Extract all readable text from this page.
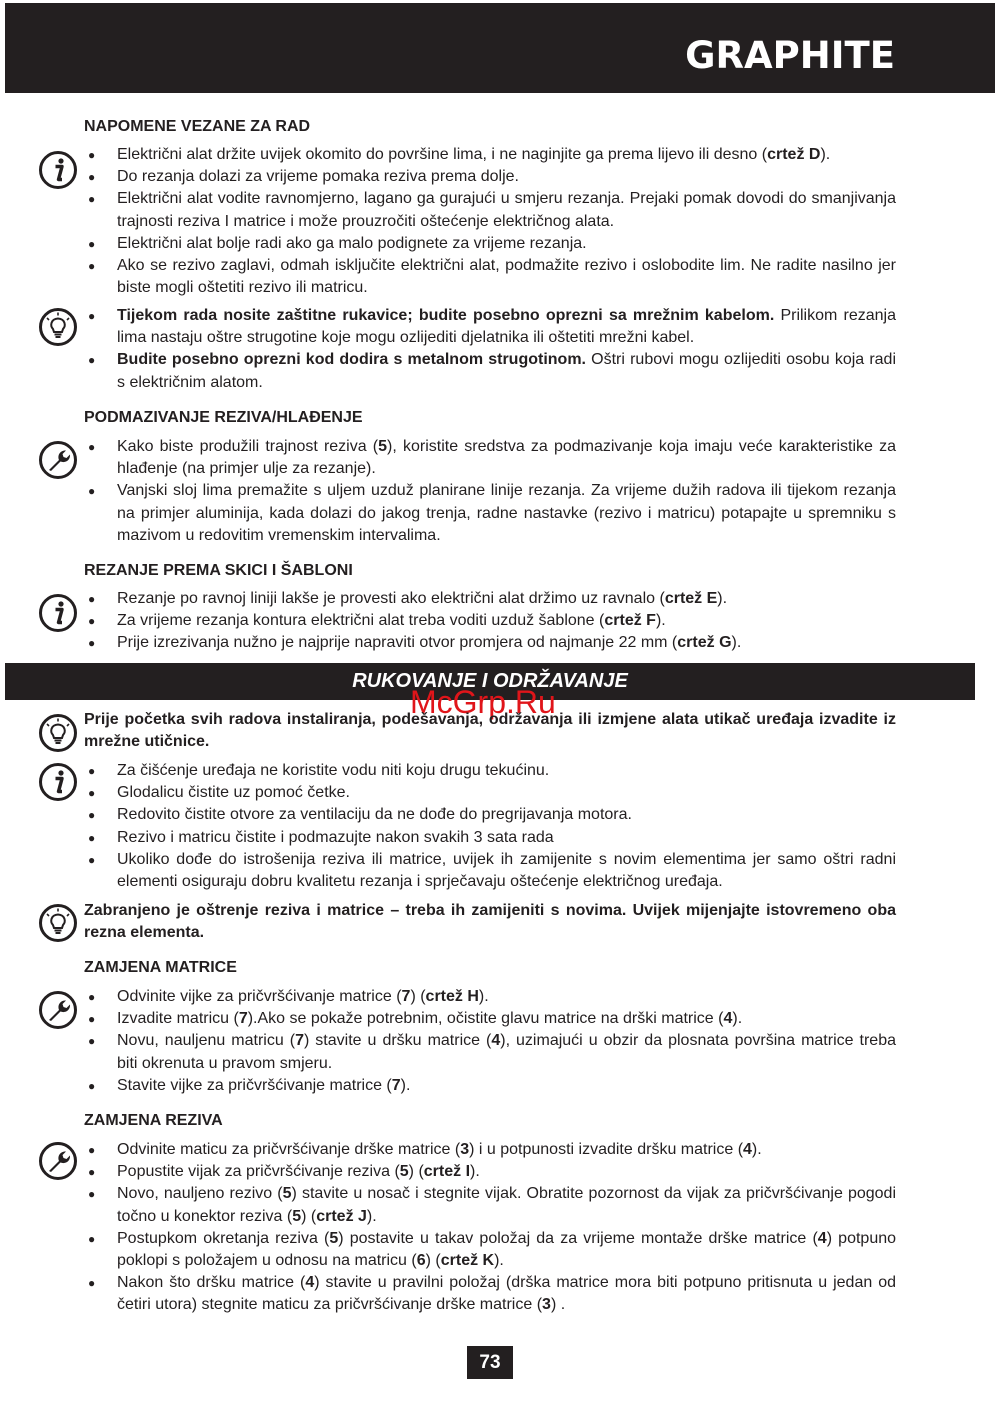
GRAPHITE
NAPOMENE VEZANE ZA RAD
● Električni alat držite uvijek okomito do površine lima, i ne naginjite ga prema lijevo ili desno (crtež D).
● Do rezanja dolazi za vrijeme pomaka reziva prema dolje.
● Električni alat vodite ravnomjerno, lagano ga gurajući u smjeru rezanja. Prejaki pomak dovodi do smanjivanja trajnosti reziva I matrice i može prouzročiti oštećenje električnog alata.
● Električni alat bolje radi ako ga malo podignete za vrijeme rezanja.
● Ako se rezivo zaglavi, odmah isključite električni alat, podmažite rezivo i oslobodite lim. Ne radite nasilno jer biste mogli oštetiti rezivo ili matricu.
● Tijekom rada nosite zaštitne rukavice; budite posebno oprezni sa mrežnim kabelom. Prilikom rezanja lima nastaju oštre strugotine koje mogu ozlijediti djelatnika ili oštetiti mrežni kabel.
● Budite posebno oprezni kod dodira s metalnom strugotinom. Oštri rubovi mogu ozlijediti osobu koja radi s električnim alatom.
PODMAZIVANJE REZIVA/HLAĐENJE
● Kako biste produžili trajnost reziva (5), koristite sredstva za podmazivanje koja imaju veće karakteristike za hlađenje (na primjer ulje za rezanje).
● Vanjski sloj lima premažite s uljem uzduž planirane linije rezanja. Za vrijeme dužih radova ili tijekom rezanja na primjer aluminija, kada dolazi do jakog trenja, radne nastavke (rezivo i matricu) potapajte u spremniku s mazivom u redovitim vremenskim intervalima.
REZANJE PREMA SKICI I ŠABLONI
● Rezanje po ravnoj liniji lakše je provesti ako električni alat držimo uz ravnalo (crtež E).
● Za vrijeme rezanja kontura električni alat treba voditi uzduž šablone (crtež F).
● Prije izrezivanja nužno je najprije napraviti otvor promjera od najmanje 22 mm (crtež G).
RUKOVANJE I ODRŽAVANJE
McGrp.Ru
Prije početka svih radova instaliranja, podešavanja, održavanja ili izmjene alata utikač uređaja izvadite iz mrežne utičnice.
● Za čišćenje uređaja ne koristite vodu niti koju drugu tekućinu.
● Glodalicu čistite uz pomoć četke.
● Redovito čistite otvore za ventilaciju da ne dođe do pregrijavanja motora.
● Rezivo i matricu čistite i podmazujte nakon svakih 3 sata rada
● Ukoliko dođe do istrošenija reziva ili matrice, uvijek ih zamijenite s novim elementima jer samo oštri radni elementi osiguraju dobru kvalitetu rezanja i sprječavaju oštećenje električnog uređaja.
Zabranjeno je oštrenje reziva i matrice – treba ih zamijeniti s novima. Uvijek mijenjajte istovremeno oba rezna elementa.
ZAMJENA MATRICE
● Odvinite vijke za pričvršćivanje matrice (7) (crtež H).
● Izvadite matricu (7).Ako se pokaže potrebnim, očistite glavu matrice na drški matrice (4).
● Novu, nauljenu matricu (7) stavite u dršku matrice (4), uzimajući u obzir da plosnata površina matrice treba biti okrenuta u pravom smjeru.
● Stavite vijke za pričvršćivanje matrice (7).
ZAMJENA REZIVA
● Odvinite maticu za pričvršćivanje drške matrice (3) i u potpunosti izvadite dršku matrice (4).
● Popustite vijak za pričvršćivanje reziva (5) (crtež I).
● Novo, nauljeno rezivo (5) stavite u nosač i stegnite vijak. Obratite pozornost da vijak za pričvršćivanje pogodi točno u konektor reziva (5) (crtež J).
● Postupkom okretanja reziva (5) postavite u takav položaj da za vrijeme montaže drške matrice (4) potpuno poklopi s položajem u odnosu na matricu (6) (crtež K).
● Nakon što dršku matrice (4) stavite u pravilni položaj (drška matrice mora biti potpuno pritisnuta u jedan od četiri utora) stegnite maticu za pričvršćivanje drške matrice (3) .
73
